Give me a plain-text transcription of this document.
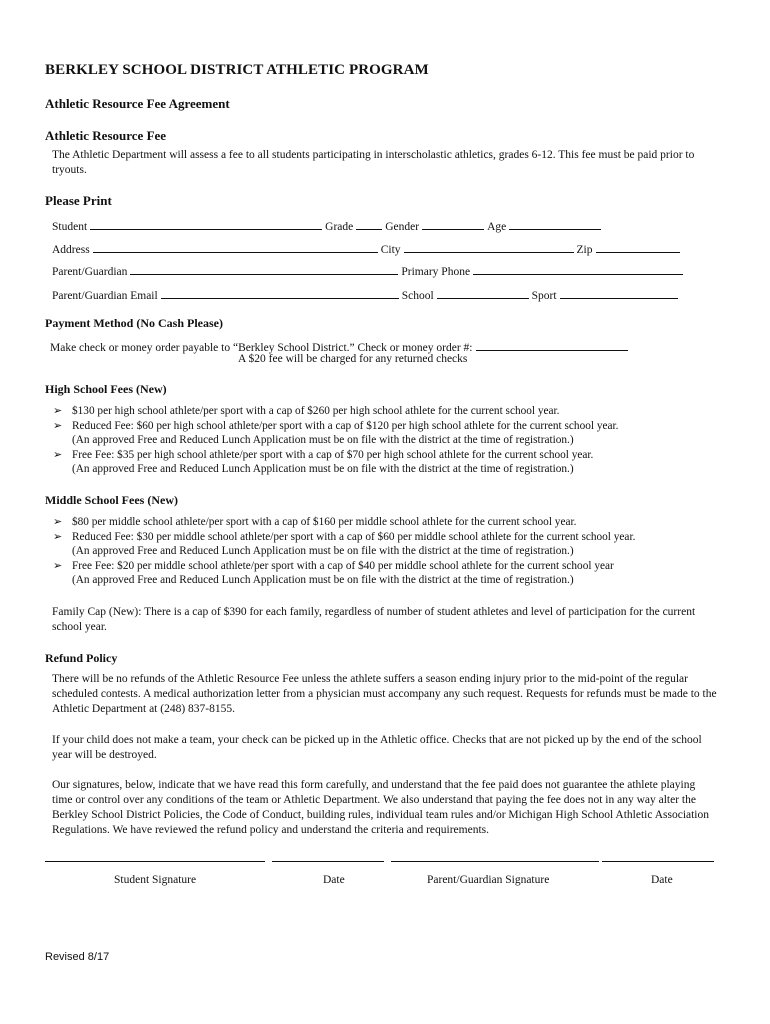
BERKLEY SCHOOL DISTRICT ATHLETIC PROGRAM
Athletic Resource Fee Agreement
Athletic Resource Fee
The Athletic Department will assess a fee to all students participating in interscholastic athletics, grades 6-12. This fee must be paid prior to tryouts.
Please Print
Student	Grade	Gender	Age
Address	City	Zip
Parent/Guardian	Primary Phone
Parent/Guardian Email	School	Sport
Payment Method (No Cash Please)
Make check or money order payable to “Berkley School District.” Check or money order #:
A $20 fee will be charged for any returned checks
High School Fees (New)
➢ $130 per high school athlete/per sport with a cap of $260 per high school athlete for the current school year.
➢ Reduced Fee: $60 per high school athlete/per sport with a cap of $120 per high school athlete for the current school year.
(An approved Free and Reduced Lunch Application must be on file with the district at the time of registration.)
➢ Free Fee: $35 per high school athlete/per sport with a cap of $70 per high school athlete for the current school year.
(An approved Free and Reduced Lunch Application must be on file with the district at the time of registration.)
Middle School Fees (New)
➢ $80 per middle school athlete/per sport with a cap of $160 per middle school athlete for the current school year.
➢ Reduced Fee: $30 per middle school athlete/per sport with a cap of $60 per middle school athlete for the current school year.
(An approved Free and Reduced Lunch Application must be on file with the district at the time of registration.)
➢ Free Fee: $20 per middle school athlete/per sport with a cap of $40 per middle school athlete for the current school year
(An approved Free and Reduced Lunch Application must be on file with the district at the time of registration.)
Family Cap (New): There is a cap of $390 for each family, regardless of number of student athletes and level of participation for the current school year.
Refund Policy
There will be no refunds of the Athletic Resource Fee unless the athlete suffers a season ending injury prior to the mid-point of the regular scheduled contests. A medical authorization letter from a physician must accompany any such request. Requests for refunds must be made to the Athletic Department at (248) 837-8155.
If your child does not make a team, your check can be picked up in the Athletic office. Checks that are not picked up by the end of the school year will be destroyed.
Our signatures, below, indicate that we have read this form carefully, and understand that the fee paid does not guarantee the athlete playing time or control over any conditions of the team or Athletic Department. We also understand that paying the fee does not in any way alter the Berkley School District Policies, the Code of Conduct, building rules, individual team rules and/or Michigan High School Athletic Association Regulations. We have reviewed the refund policy and understand the criteria and requirements.
Student Signature	Date	Parent/Guardian Signature	Date
Revised 8/17
